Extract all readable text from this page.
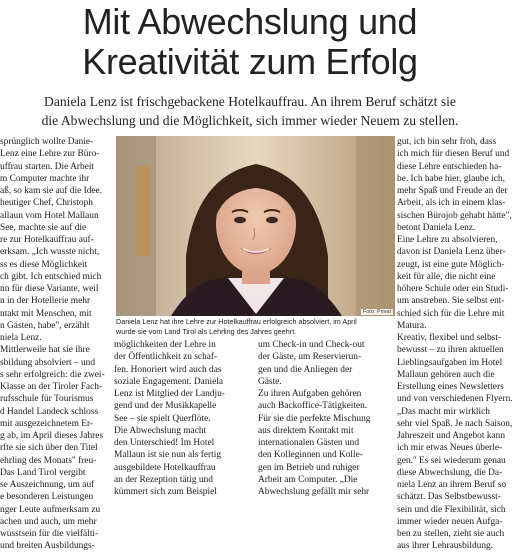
Mit Abwechslung und
Kreativität zum Erfolg
Daniela Lenz ist frischgebackene Hotelkauffrau. An ihrem Beruf schätzt sie
die Abwechslung und die Möglichkeit, sich immer wieder Neuem zu stellen.

sprünglich wollte Danie-

Lenz eine Lehre zur Büro-

uffrau starten. Die Arbeit

m Computer machte ihr

aß, so kam sie auf die Idee.

heutiger Chef, Christoph

allaun vom Hotel Mallaun

See, machte sie auf die

re zur Hotelkauffrau auf-

erksam. „Ich wusste nicht,

ss es diese Möglichkeit

ch gibt. Ich entschied mich

nn für diese Variante, weil

n in der Hotellerie mehr

ntakt mit Menschen, mit

n Gästen, habe", erzählt

niela Lenz.

Mittlerweile hat sie ihre

sbildung absolviert – und

s sehr erfolgreich: die zwei-

Klasse an der Tiroler Fach-

rufsschule für Tourismus

d Handel Landeck schloss

mit ausgezeichnetem Er-

g ab, im April dieses Jahres

rfte sie sich über den Titel

ehrling des Monats" freu-

Das Land Tirol vergibt

se Auszeichnung, um auf

e besonderen Leistungen

nger Leute aufmerksam zu

achen und auch, um mehr

wusstsein für die vielfälti-

und breiten Ausbildungs-

Foto: Privat
Daniela Lenz hat ihre Lehre zur Hotelkauffrau erfolgreich absolviert, im April
wurde sie vom Land Tirol als Lehrling des Jahres geehrt.

möglichkeiten der Lehre in

der Öffentlichkeit zu schaf-

fen. Honoriert wird auch das

soziale Engagement. Daniela

Lenz ist Mitglied der Landju-

gend und der Musikkapelle

See – sie spielt Querflöte.

Die Abwechslung macht

den Unterschied! Im Hotel

Mallaun ist sie nun als fertig

ausgebildete Hotelkauffrau

an der Rezeption tätig und

kümmert sich zum Beispiel

um Check-in und Check-out

der Gäste, um Reservierun-

gen und die Anliegen der

Gäste.

Zu ihren Aufgaben gehören

auch Backoffice-Tätigkeiten.

Für sie die perfekte Mischung

aus direktem Kontakt mit

internationalen Gästen und

den Kolleginnen und Kolle-

gen im Betrieb und ruhiger

Arbeit am Computer. „Die

Abwechslung gefällt mir sehr

gut, ich bin sehr froh, dass

ich mich für diesen Beruf und

diese Lehre entschieden ha-

be. Ich habe hier, glaube ich,

mehr Spaß und Freude an der

Arbeit, als ich in einem klas-

sischen Bürojob gehabt hätte",

betont Daniela Lenz.

Eine Lehre zu absolvieren,

davon ist Daniela Lenz über-

zeugt, ist eine gute Möglich-

keit für alle, die nicht eine

höhere Schule oder ein Studi-

um anstreben. Sie selbst ent-

schied sich für die Lehre mit

Matura.

Kreativ, flexibel und selbst-

bewusst – zu ihren aktuellen

Lieblingsaufgaben im Hotel

Mallaun gehören auch die

Erstellung eines Newsletters

und von verschiedenen Flyern.

„Das macht mir wirklich

sehr viel Spaß. Je nach Saison,

Jahreszeit und Angebot kann

ich mir etwas Neues überle-

gen." Es sei wiederum genau

diese Abwechslung, die Da-

niela Lenz an ihrem Beruf so

schätzt. Das Selbstbewusst-

sein und die Flexibilität, sich

immer wieder neuen Aufga-

ben zu stellen, zieht sie auch

aus ihrer Lehrausbildung.
